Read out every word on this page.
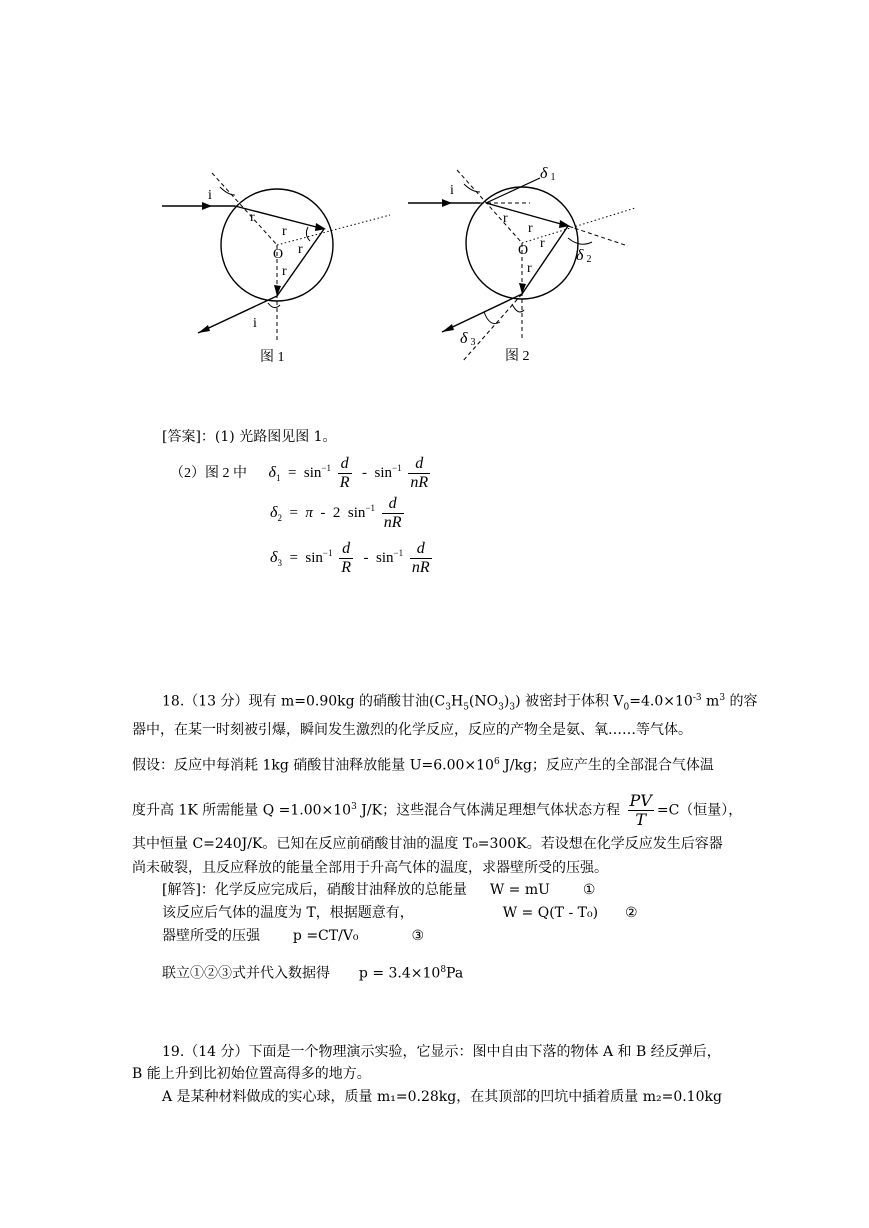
i
r
r
r
r
O
i
图 1
i
δ 1
r
r
r
r
O	δ 2
δ 3
图 2
[答案]：(1) 光路图见图 1。
（2）图 2 中 $\delta_1 = \sin^{-1} \frac{d}{R} - \sin^{-1} \frac{d}{nR}$
$\delta_2 = \pi - 2$ $\sin^{-1} \frac{d}{nR}$
$\delta_3 = \sin^{-1} \frac{d}{R} - \sin^{-1} \frac{d}{nR}$
18.（13 分）现有 m=0.90kg 的硝酸甘油$(C_3H_5(NO_3)_3)$ 被密封于体积 $V_0=4.0\times 10^{-3}$ $m^3$ 的容
器中，在某一时刻被引爆，瞬间发生激烈的化学反应，反应的产物全是氨、氧……等气体。
假设：反应中每消耗 1kg 硝酸甘油释放能量 $U=6.00\times 10^6$ J/kg；反应产生的全部混合气体温
度升高 1K 所需能量 $Q =1.00\times 10^3$ J/K；这些混合气体满足理想气体状态方程 $\frac{PV}{T} =C$（恒量），
其中恒量 C=240J/K。已知在反应前硝酸甘油的温度 T₀=300K。若设想在化学反应发生后容器
尚未破裂，且反应释放的能量全部用于升高气体的温度，求器壁所受的压强。
[解答]：化学反应完成后，硝酸甘油释放的总能量 W = mU ①
该反应后气体的温度为 T，根据题意有，	W = Q(T - T₀) ②
器壁所受的压强 p =CT/V₀	③
联立①②③式并代入数据得 $p = 3.4\times 10^8Pa$
19.（14 分）下面是一个物理演示实验，它显示：图中自由下落的物体 A 和 B 经反弹后，
B 能上升到比初始位置高得多的地方。
A 是某种材料做成的实心球，质量 m₁=0.28kg，在其顶部的凹坑中插着质量 m₂=0.10kg
